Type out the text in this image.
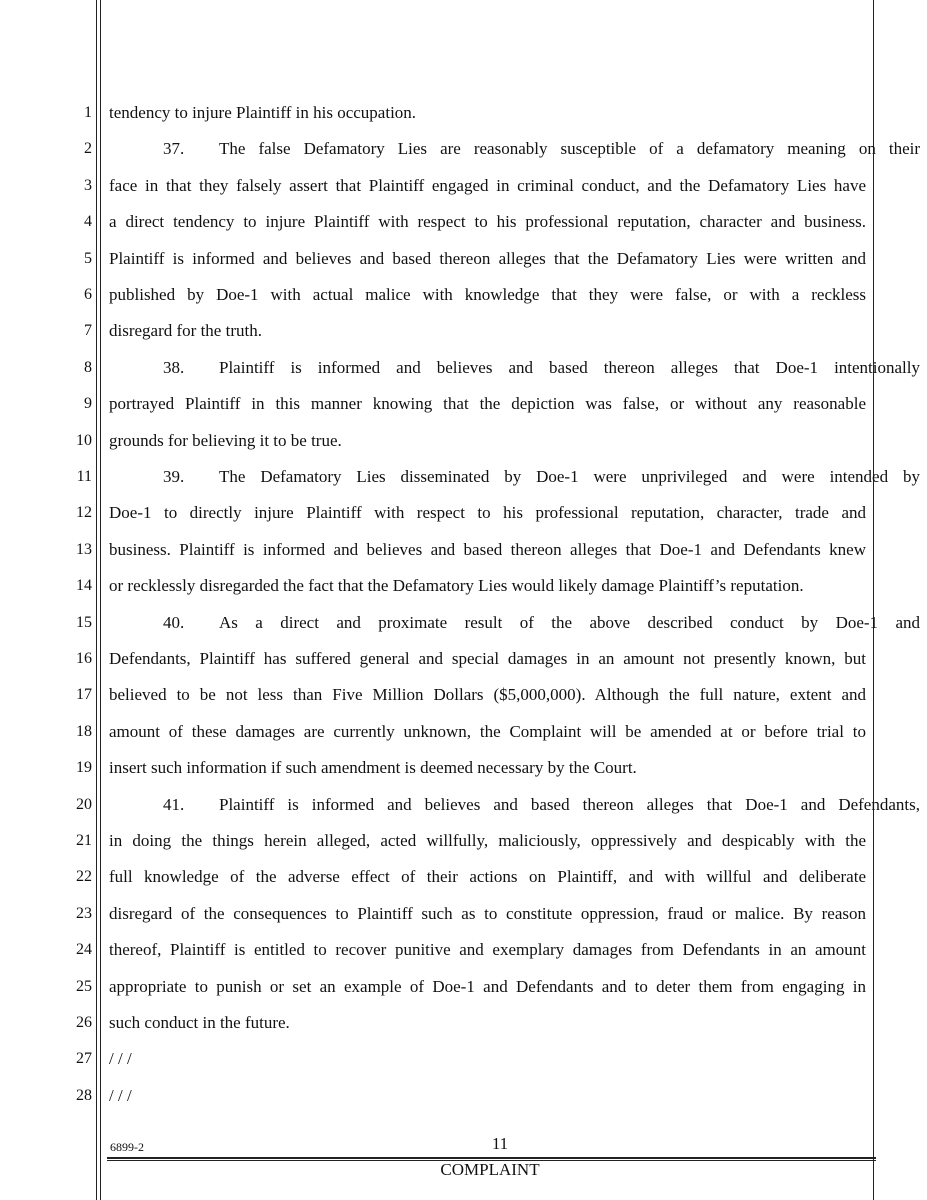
1
2
3
4
5
6
7
8
9
10
11
12
13
14
15
16
17
18
19
20
21
22
23
24
25
26
27
28
tendency to injure Plaintiff in his occupation.
37. The false Defamatory Lies are reasonably susceptible of a defamatory meaning on their
face in that they falsely assert that Plaintiff engaged in criminal conduct, and the Defamatory Lies have
a direct tendency to injure Plaintiff with respect to his professional reputation, character and business.
Plaintiff is informed and believes and based thereon alleges that the Defamatory Lies were written and
published by Doe-1 with actual malice with knowledge that they were false, or with a reckless
disregard for the truth.
38. Plaintiff is informed and believes and based thereon alleges that Doe-1 intentionally
portrayed Plaintiff in this manner knowing that the depiction was false, or without any reasonable
grounds for believing it to be true.
39. The Defamatory Lies disseminated by Doe-1 were unprivileged and were intended by
Doe-1 to directly injure Plaintiff with respect to his professional reputation, character, trade and
business. Plaintiff is informed and believes and based thereon alleges that Doe-1 and Defendants knew
or recklessly disregarded the fact that the Defamatory Lies would likely damage Plaintiff’s reputation.
40. As a direct and proximate result of the above described conduct by Doe-1 and
Defendants, Plaintiff has suffered general and special damages in an amount not presently known, but
believed to be not less than Five Million Dollars ($5,000,000). Although the full nature, extent and
amount of these damages are currently unknown, the Complaint will be amended at or before trial to
insert such information if such amendment is deemed necessary by the Court.
41. Plaintiff is informed and believes and based thereon alleges that Doe-1 and Defendants,
in doing the things herein alleged, acted willfully, maliciously, oppressively and despicably with the
full knowledge of the adverse effect of their actions on Plaintiff, and with willful and deliberate
disregard of the consequences to Plaintiff such as to constitute oppression, fraud or malice. By reason
thereof, Plaintiff is entitled to recover punitive and exemplary damages from Defendants in an amount
appropriate to punish or set an example of Doe-1 and Defendants and to deter them from engaging in
such conduct in the future.
/ / /
/ / /
6899-2	11
COMPLAINT
